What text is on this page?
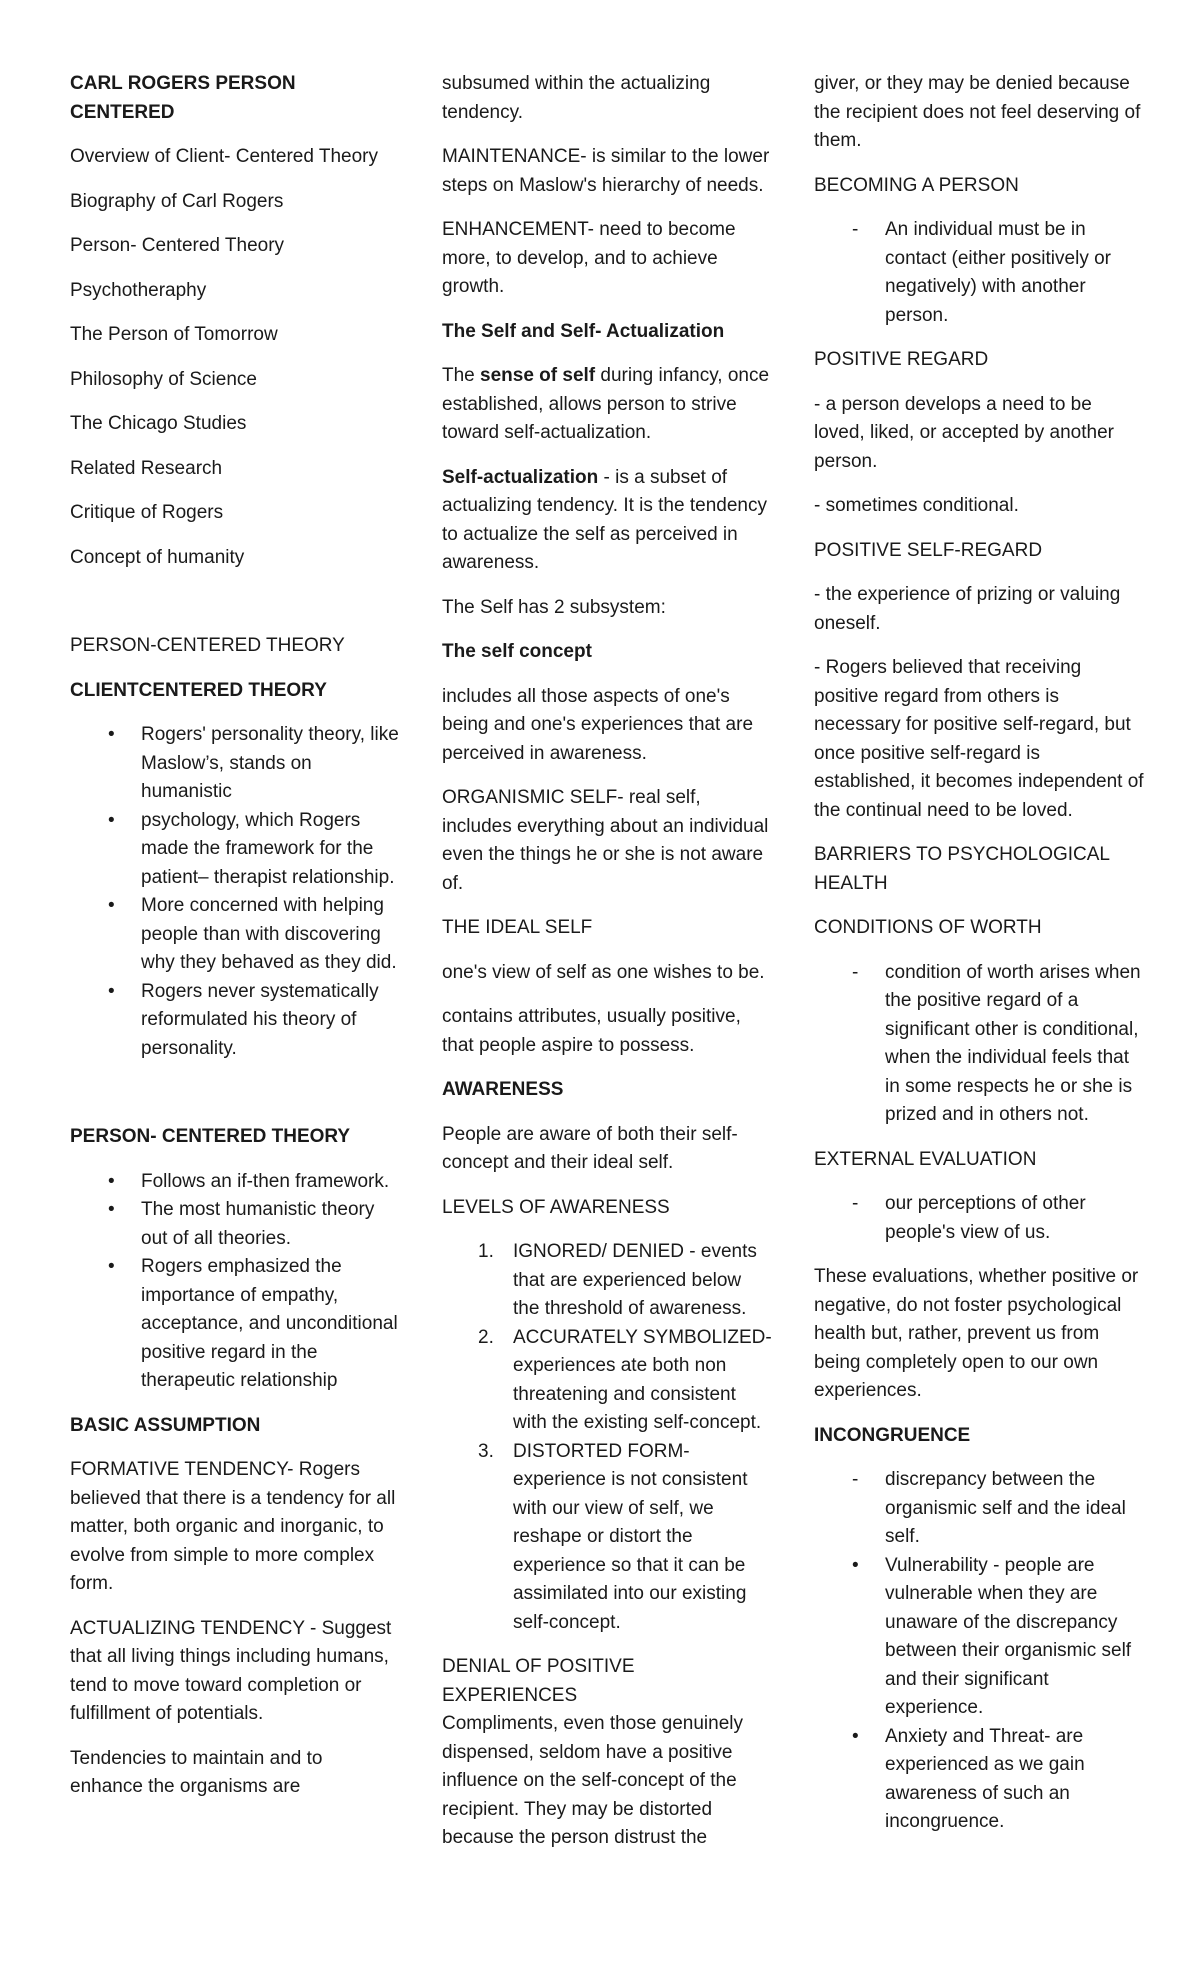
CARL ROGERS PERSON CENTERED

Overview of Client- Centered Theory

Biography of Carl Rogers

Person- Centered Theory

Psychotheraphy

The Person of Tomorrow

Philosophy of Science

The Chicago Studies

Related Research

Critique of Rogers

Concept of humanity

PERSON-CENTERED THEORY

CLIENTCENTERED THEORY

• Rogers' personality theory, like Maslow’s, stands on humanistic
• psychology, which Rogers made the framework for the patient– therapist relationship.
• More concerned with helping people than with discovering why they behaved as they did.
• Rogers never systematically reformulated his theory of personality.

PERSON- CENTERED THEORY

• Follows an if-then framework.
• The most humanistic theory out of all theories.
• Rogers emphasized the importance of empathy, acceptance, and unconditional positive regard in the therapeutic relationship

BASIC ASSUMPTION

FORMATIVE TENDENCY- Rogers believed that there is a tendency for all matter, both organic and inorganic, to evolve from simple to more complex form.

ACTUALIZING TENDENCY - Suggest that all living things including humans, tend to move toward completion or fulfillment of potentials.

Tendencies to maintain and to enhance the organisms are

subsumed within the actualizing tendency.

MAINTENANCE- is similar to the lower steps on Maslow's hierarchy of needs.

ENHANCEMENT- need to become more, to develop, and to achieve growth.

The Self and Self- Actualization

The sense of self during infancy, once established, allows person to strive toward self-actualization.

Self-actualization - is a subset of actualizing tendency. It is the tendency to actualize the self as perceived in awareness.

The Self has 2 subsystem:

The self concept

includes all those aspects of one's being and one's experiences that are perceived in awareness.

ORGANISMIC SELF- real self, includes everything about an individual even the things he or she is not aware of.

THE IDEAL SELF

one's view of self as one wishes to be.

contains attributes, usually positive, that people aspire to possess.

AWARENESS

People are aware of both their self-concept and their ideal self.

LEVELS OF AWARENESS

1. IGNORED/ DENIED - events that are experienced below the threshold of awareness.
2. ACCURATELY SYMBOLIZED- experiences ate both non threatening and consistent with the existing self-concept.
3. DISTORTED FORM- experience is not consistent with our view of self, we reshape or distort the experience so that it can be assimilated into our existing self-concept.

DENIAL OF POSITIVE EXPERIENCES

Compliments, even those genuinely dispensed, seldom have a positive influence on the self-concept of the recipient. They may be distorted because the person distrust the

giver, or they may be denied because the recipient does not feel deserving of them.

BECOMING A PERSON

- An individual must be in contact (either positively or negatively) with another person.

POSITIVE REGARD

- a person develops a need to be loved, liked, or accepted by another person.

- sometimes conditional.

POSITIVE SELF-REGARD

- the experience of prizing or valuing oneself.

- Rogers believed that receiving positive regard from others is necessary for positive self-regard, but once positive self-regard is established, it becomes independent of the continual need to be loved.

BARRIERS TO PSYCHOLOGICAL HEALTH

CONDITIONS OF WORTH

- condition of worth arises when the positive regard of a significant other is conditional, when the individual feels that in some respects he or she is prized and in others not.

EXTERNAL EVALUATION

- our perceptions of other people's view of us.

These evaluations, whether positive or negative, do not foster psychological health but, rather, prevent us from being completely open to our own experiences.

INCONGRUENCE

- discrepancy between the organismic self and the ideal self.
• Vulnerability - people are vulnerable when they are unaware of the discrepancy between their organismic self and their significant experience.
• Anxiety and Threat- are experienced as we gain awareness of such an incongruence.
